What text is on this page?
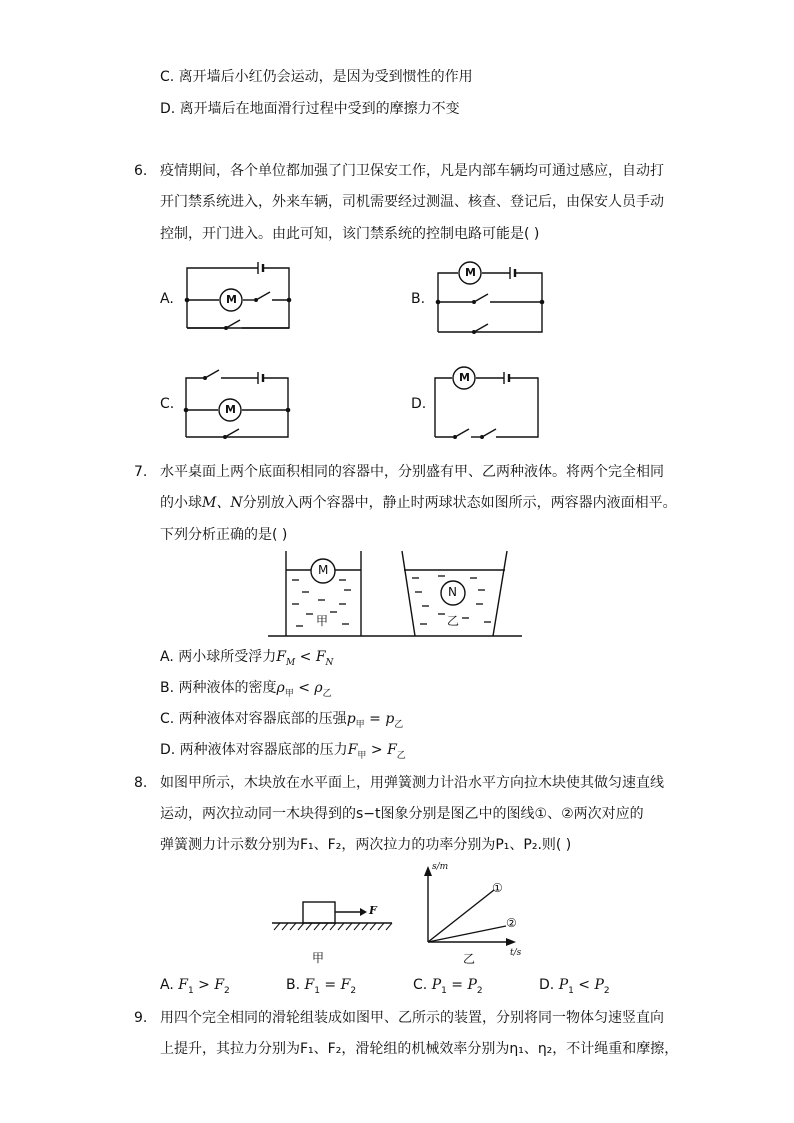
C. 离开墙后小红仍会运动，是因为受到惯性的作用
D. 离开墙后在地面滑行过程中受到的摩擦力不变
6. 疫情期间，各个单位都加强了门卫保安工作，凡是内部车辆均可通过感应，自动打
开门禁系统进入，外来车辆，司机需要经过测温、核查、登记后，由保安人员手动
控制，开门进入。由此可知，该门禁系统的控制电路可能是( )
A.	B.
C.	D.
M
M
M
M
7. 水平桌面上两个底面积相同的容器中，分别盛有甲、乙两种液体。将两个完全相同
的小球M、N分别放入两个容器中，静止时两球状态如图所示，两容器内液面相平。
下列分析正确的是( )
M
N
甲	乙
A. 两小球所受浮力$F_M < F_N$
B. 两种液体的密度$\rho_甲 < \rho_乙$
C. 两种液体对容器底部的压强$p_甲 = p_乙$
D. 两种液体对容器底部的压力$F_甲 > F_乙$
8. 如图甲所示，木块放在水平面上，用弹簧测力计沿水平方向拉木块使其做匀速直线
运动，两次拉动同一木块得到的s−t图象分别是图乙中的图线①、②两次对应的
弹簧测力计示数分别为F₁、F₂，两次拉力的功率分别为P₁、P₂.则( )
F
甲	乙
s/m
t/s
①
②
A. $F_1 > F_2$	B. $F_1 = F_2$	C. $P_1 = P_2$	D. $P_1 < P_2$
9. 用四个完全相同的滑轮组装成如图甲、乙所示的装置，分别将同一物体匀速竖直向
上提升，其拉力分别为F₁、F₂，滑轮组的机械效率分别为η₁、η₂，不计绳重和摩擦，
